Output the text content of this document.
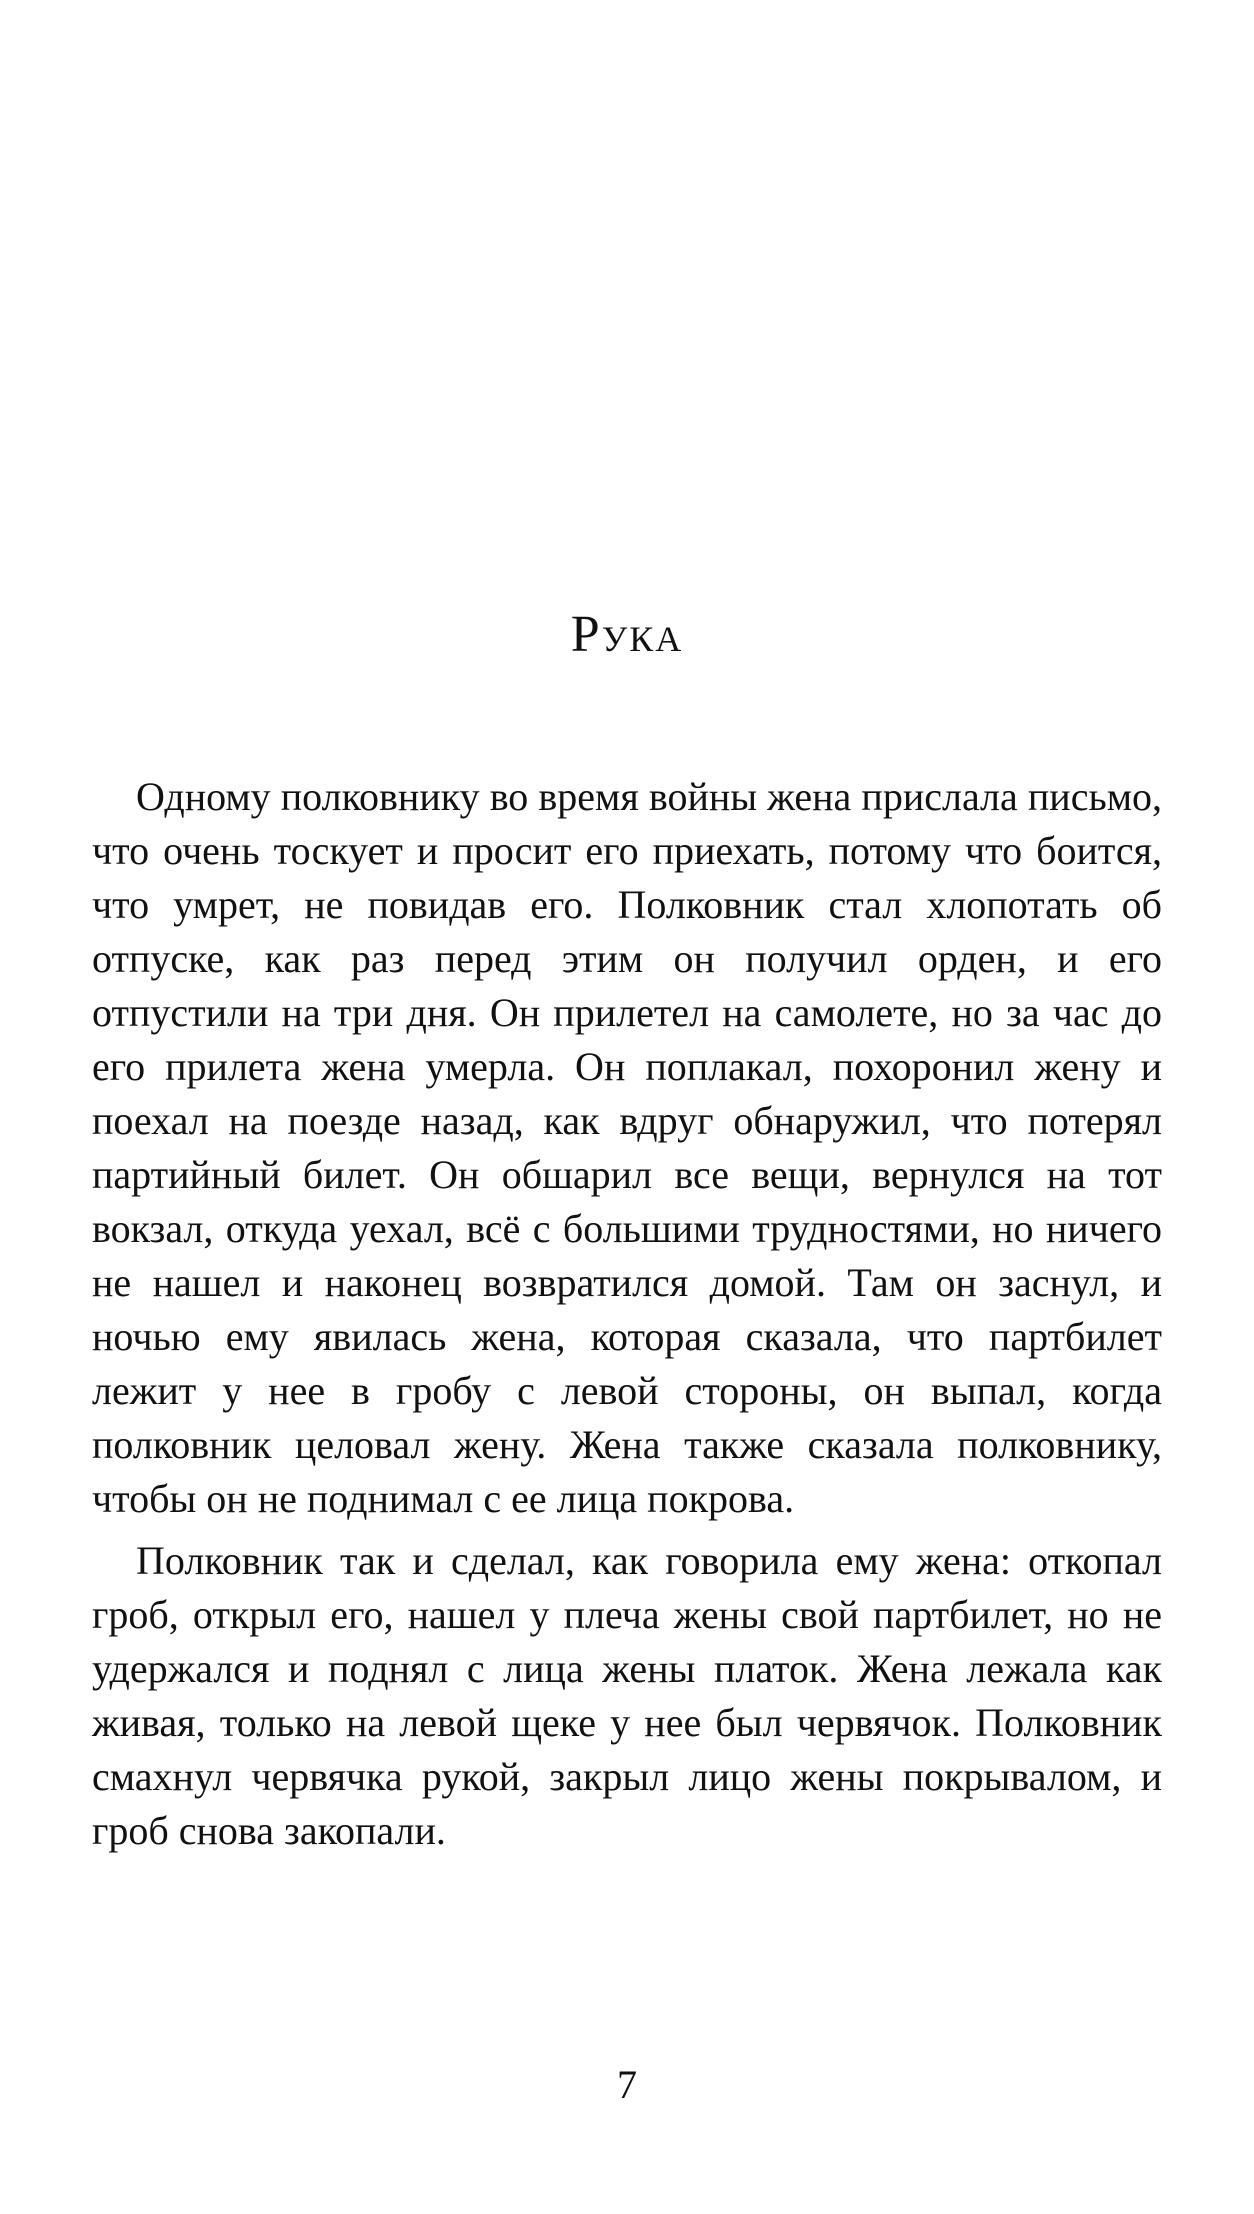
Рука

Одному полковнику во время войны жена прислала письмо, что очень тоскует и просит его приехать, потому что боится, что умрет, не повидав его. Полковник стал хлопотать об отпуске, как раз перед этим он получил орден, и его отпустили на три дня. Он прилетел на самолете, но за час до его прилета жена умерла. Он поплакал, похоронил жену и поехал на поезде назад, как вдруг обнаружил, что потерял партийный билет. Он обшарил все вещи, вернулся на тот вокзал, откуда уехал, всё с большими трудностями, но ничего не нашел и наконец возвратился домой. Там он заснул, и ночью ему явилась жена, которая сказала, что партбилет лежит у нее в гробу с левой стороны, он выпал, когда полковник целовал жену. Жена также сказала полковнику, чтобы он не поднимал с ее лица покрова.

Полковник так и сделал, как говорила ему жена: откопал гроб, открыл его, нашел у плеча жены свой партбилет, но не удержался и поднял с лица жены платок. Жена лежала как живая, только на левой щеке у нее был червячок. Полковник смахнул червячка рукой, закрыл лицо жены покрывалом, и гроб снова закопали.

7
